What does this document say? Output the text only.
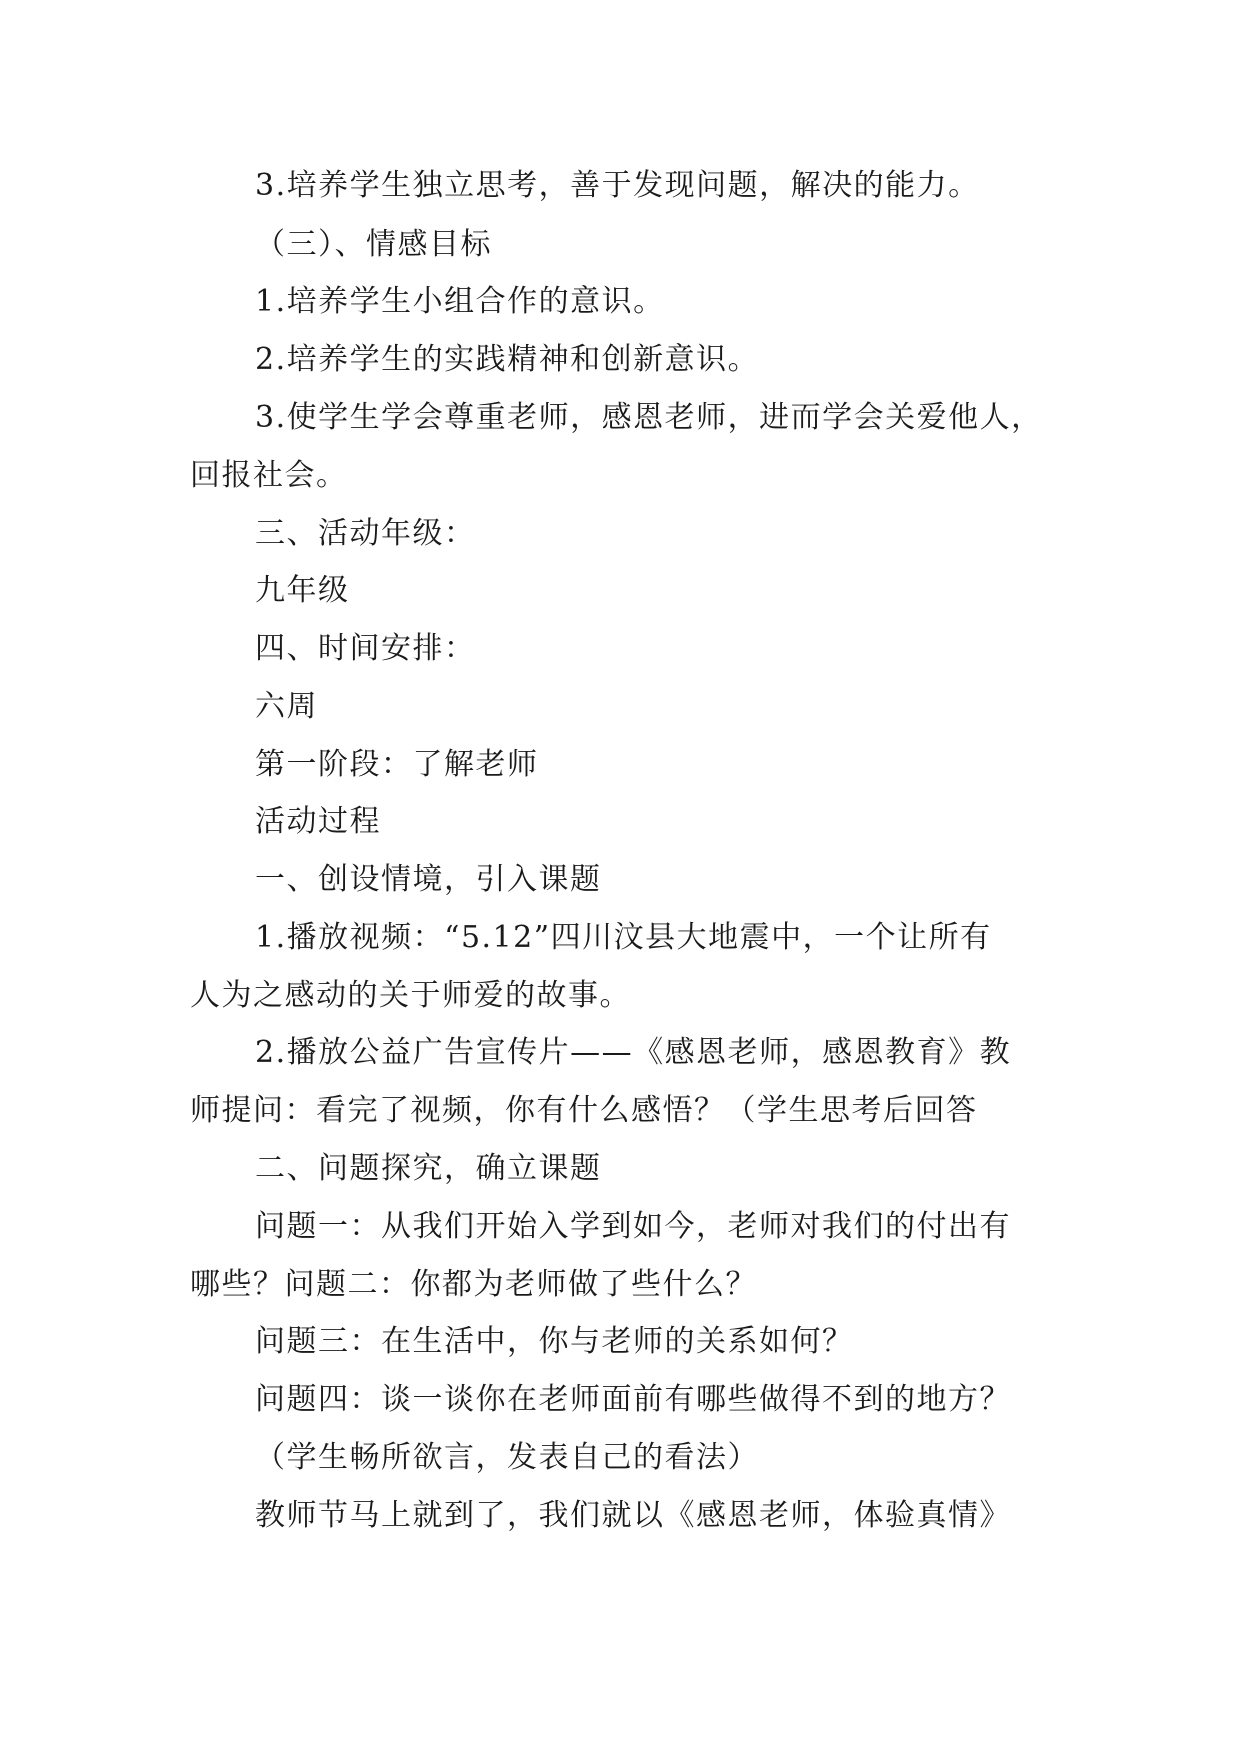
3.培养学生独立思考，善于发现问题，解决的能力。
（三）、情感目标
1.培养学生小组合作的意识。
2.培养学生的实践精神和创新意识。
3.使学生学会尊重老师，感恩老师，进而学会关爱他人，
回报社会。
三、活动年级：
九年级
四、时间安排：
六周
第一阶段：了解老师
活动过程
一、创设情境，引入课题
1.播放视频：“5.12”四川汶县大地震中，一个让所有
人为之感动的关于师爱的故事。
2.播放公益广告宣传片——《感恩老师，感恩教育》教
师提问：看完了视频，你有什么感悟？（学生思考后回答
二、问题探究，确立课题
问题一：从我们开始入学到如今，老师对我们的付出有
哪些？问题二：你都为老师做了些什么？
问题三：在生活中，你与老师的关系如何？
问题四：谈一谈你在老师面前有哪些做得不到的地方？
（学生畅所欲言，发表自己的看法）
教师节马上就到了，我们就以《感恩老师，体验真情》
